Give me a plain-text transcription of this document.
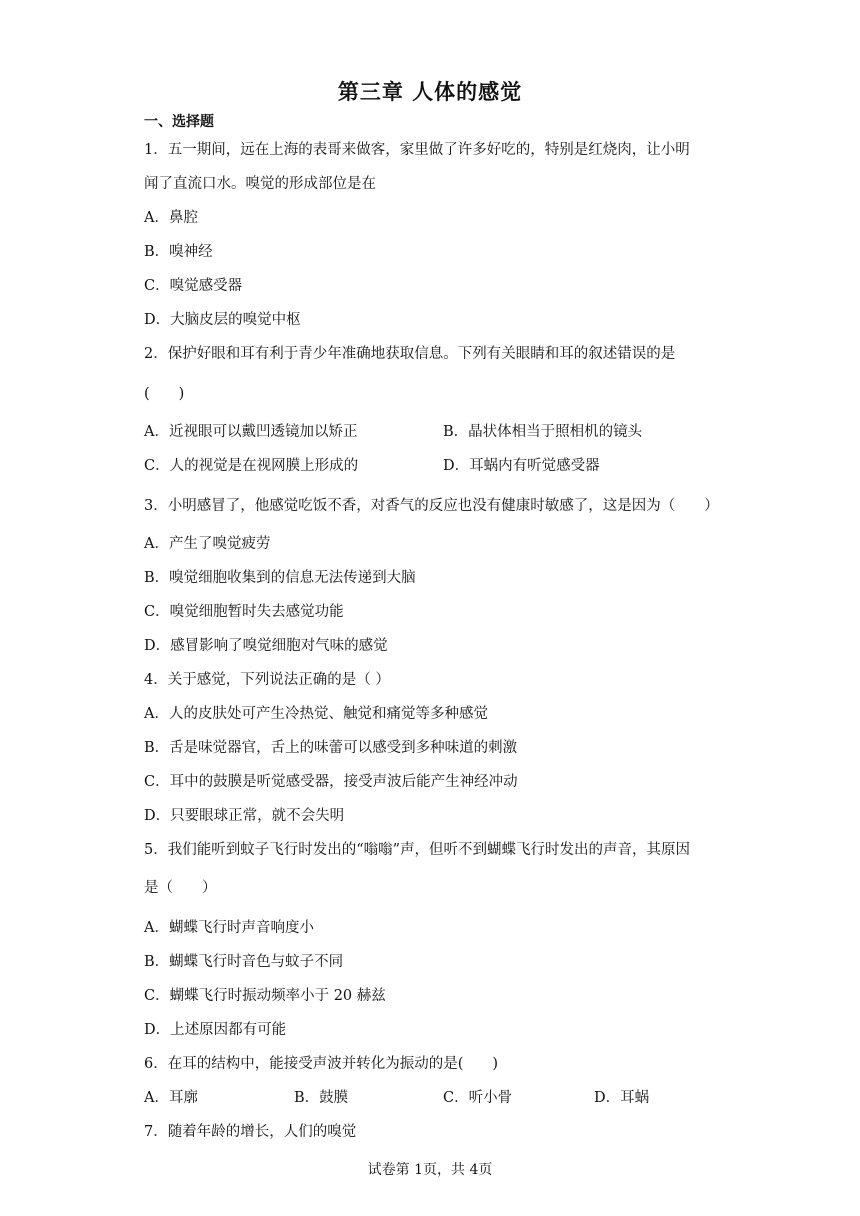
第三章 人体的感觉
一、选择题
1．五一期间，远在上海的表哥来做客，家里做了许多好吃的，特别是红烧肉，让小明
闻了直流口水。嗅觉的形成部位是在
A．鼻腔
B．嗅神经
C．嗅觉感受器
D．大脑皮层的嗅觉中枢
2．保护好眼和耳有利于青少年准确地获取信息。下列有关眼睛和耳的叙述错误的是
(　　)
A．近视眼可以戴凹透镜加以矫正	B．晶状体相当于照相机的镜头
C．人的视觉是在视网膜上形成的	D．耳蜗内有听觉感受器
3．小明感冒了，他感觉吃饭不香，对香气的反应也没有健康时敏感了，这是因为（　　）
A．产生了嗅觉疲劳
B．嗅觉细胞收集到的信息无法传递到大脑
C．嗅觉细胞暂时失去感觉功能
D．感冒影响了嗅觉细胞对气味的感觉
4．关于感觉，下列说法正确的是（ ）
A．人的皮肤处可产生冷热觉、触觉和痛觉等多种感觉
B．舌是味觉器官，舌上的味蕾可以感受到多种味道的刺激
C．耳中的鼓膜是听觉感受器，接受声波后能产生神经冲动
D．只要眼球正常，就不会失明
5．我们能听到蚊子飞行时发出的“嗡嗡”声，但听不到蝴蝶飞行时发出的声音，其原因
是（　　）
A．蝴蝶飞行时声音响度小
B．蝴蝶飞行时音色与蚊子不同
C．蝴蝶飞行时振动频率小于 20 赫兹
D．上述原因都有可能
6．在耳的结构中，能接受声波并转化为振动的是(　　)
A．耳廓	B．鼓膜	C．听小骨	D．耳蜗
7．随着年龄的增长，人们的嗅觉
试卷第 1页，共 4页
